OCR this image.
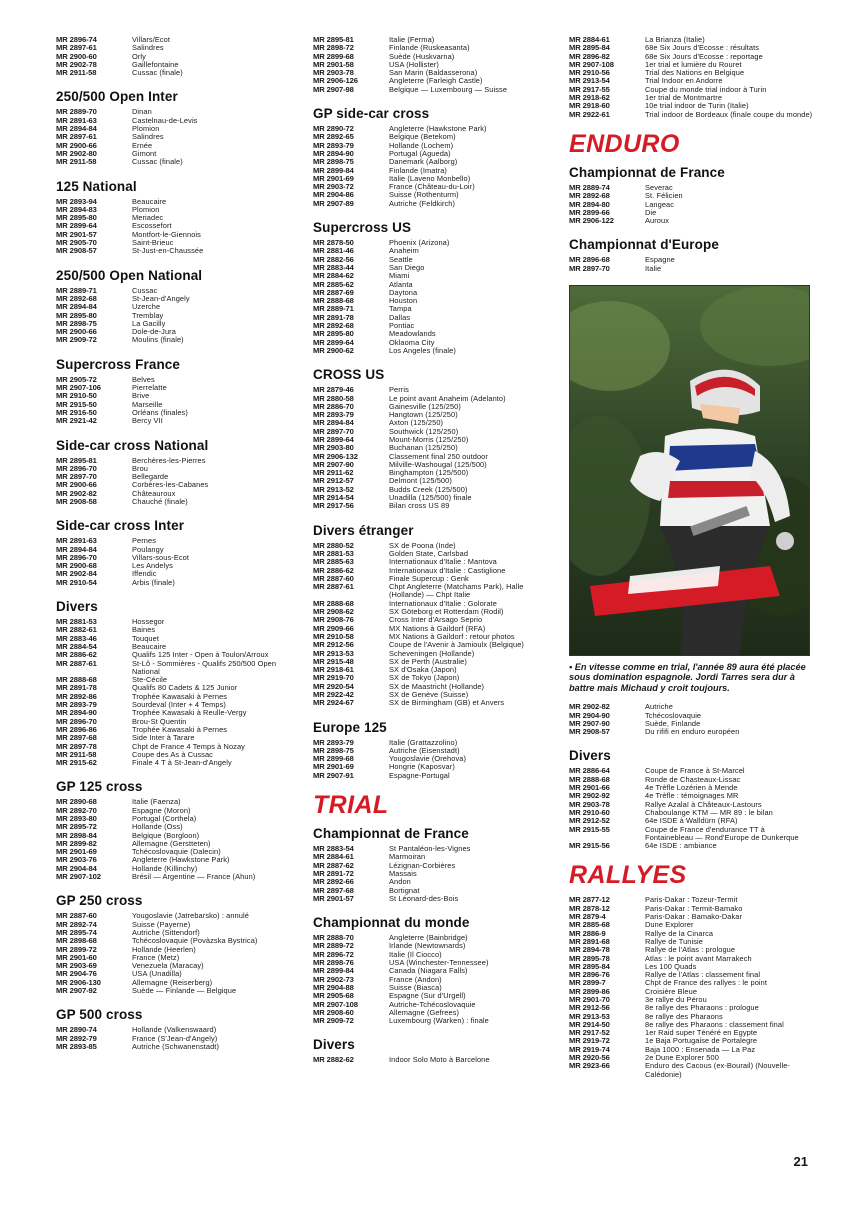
MR 2896-74	Villars/Ecot
MR 2897-61	Salindres
MR 2900-60	Orly
MR 2902-78	Gaillefontaine
MR 2911-58	Cussac (finale)
250/500 Open Inter
MR 2889-70	Dinan
MR 2891-63	Castelnau-de-Levis
MR 2894-84	Plomion
MR 2897-61	Salindres
MR 2900-66	Ernée
MR 2902-80	Gimont
MR 2911-58	Cussac (finale)
125 National
MR 2893-94	Beaucaire
MR 2894-83	Plomion
MR 2895-80	Meriadec
MR 2899-64	Escossefort
MR 2901-57	Montfort-le-Giennois
MR 2905-70	Saint-Brieuc
MR 2908-57	St-Just-en-Chaussée
250/500 Open National
MR 2889-71	Cussac
MR 2892-68	St-Jean-d'Angely
MR 2894-84	Uzerche
MR 2895-80	Tremblay
MR 2898-75	La Gacilly
MR 2900-66	Dole-de-Jura
MR 2909-72	Moulins (finale)
Supercross France
MR 2905-72	Belves
MR 2907-106	Pierrelatte
MR 2910-50	Brive
MR 2915-50	Marseille
MR 2916-50	Orléans (finales)
MR 2921-42	Bercy VII
Side-car cross National
MR 2895-81	Berchères-les-Pierres
MR 2896-70	Brou
MR 2897-70	Bellegarde
MR 2900-66	Corbères-les-Cabanes
MR 2902-82	Châteauroux
MR 2908-58	Chauché (finale)
Side-car cross Inter
MR 2891-63	Pernes
MR 2894-84	Poulangy
MR 2896-70	Villars-sous-Ecot
MR 2900-68	Les Andelys
MR 2902-84	Iffendic
MR 2910-54	Arbis (finale)
Divers
MR 2881-53	Hossegor
MR 2882-61	Baines
MR 2883-46	Touquet
MR 2884-54	Beaucaire
MR 2886-62	Qualifs 125 Inter - Open à Toulon/Arroux
MR 2887-61	St-Lô - Sommières - Qualifs 250/500 Open National
MR 2888-68	Ste-Cécile
MR 2891-78	Qualifs 80 Cadets & 125 Junior
MR 2892-86	Trophée Kawasaki à Pernes
MR 2893-79	Sourdeval (Inter + 4 Temps)
MR 2894-90	Trophée Kawasaki à Reulle-Vergy
MR 2896-70	Brou-St Quentin
MR 2896-86	Trophée Kawasaki à Pernes
MR 2897-68	Side Inter à Tarare
MR 2897-78	Chpt de France 4 Temps à Nozay
MR 2911-58	Coupe des As à Cussac
MR 2915-62	Finale 4 T à St-Jean-d'Angely
GP 125 cross
MR 2890-68	Italie (Faenza)
MR 2892-70	Espagne (Moron)
MR 2893-80	Portugal (Corthela)
MR 2895-72	Hollande (Oss)
MR 2898-84	Belgique (Borgloon)
MR 2899-82	Allemagne (Gerstteten)
MR 2901-69	Tchécoslovaquie (Dalecin)
MR 2903-76	Angleterre (Hawkstone Park)
MR 2904-84	Hollande (Killinchy)
MR 2907-102	Brésil — Argentine — France (Ahun)
GP 250 cross
MR 2887-60	Yougoslavie (Jatrebarsko) : annulé
MR 2892-74	Suisse (Payerne)
MR 2895-74	Autriche (Sittendorf)
MR 2898-68	Tchécoslovaquie (Povàzska Bystrica)
MR 2899-72	Hollande (Heerlen)
MR 2901-60	France (Metz)
MR 2903-69	Venezuela (Maracay)
MR 2904-76	USA (Unadilla)
MR 2906-130	Allemagne (Reiserberg)
MR 2907-92	Suède — Finlande — Belgique
GP 500 cross
MR 2890-74	Hollande (Valkenswaard)
MR 2892-79	France (S'Jean-d'Angely)
MR 2893-85	Autriche (Schwanenstadt)
MR 2895-81	Italie (Ferma)
MR 2898-72	Finlande (Ruskeasanta)
MR 2899-68	Suède (Huskvarna)
MR 2901-58	USA (Hollister)
MR 2903-78	San Marin (Baldasserona)
MR 2906-126	Angleterre (Farleigh Castle)
MR 2907-98	Belgique — Luxembourg — Suisse
GP side-car cross
MR 2890-72	Angleterre (Hawkstone Park)
MR 2892-65	Belgique (Betekom)
MR 2893-79	Hollande (Lochem)
MR 2894-90	Portugal (Agueda)
MR 2898-75	Danemark (Aalborg)
MR 2899-84	Finlande (Imatra)
MR 2901-69	Italie (Laveno Monbello)
MR 2903-72	France (Château-du-Loir)
MR 2904-86	Suisse (Rothenturm)
MR 2907-89	Autriche (Feldkirch)
Supercross US
MR 2878-50	Phoenix (Arizona)
MR 2881-46	Anaheim
MR 2882-56	Seattle
MR 2883-44	San Diego
MR 2884-62	Miami
MR 2885-62	Atlanta
MR 2887-69	Daytona
MR 2888-68	Houston
MR 2889-71	Tampa
MR 2891-78	Dallas
MR 2892-68	Pontiac
MR 2895-80	Meadowlands
MR 2899-64	Oklaoma City
MR 2900-62	Los Angeles (finale)
CROSS US
MR 2879-46	Perris
MR 2880-58	Le point avant Anaheim (Adelanto)
MR 2886-70	Gainesville (125/250)
MR 2893-79	Hangtown (125/250)
MR 2894-84	Axton (125/250)
MR 2897-70	Southwick (125/250)
MR 2899-64	Mount-Morris (125/250)
MR 2903-80	Buchanan (125/250)
MR 2906-132	Classement final 250 outdoor
MR 2907-90	Milville-Washougal (125/500)
MR 2911-62	Binghampton (125/500)
MR 2912-57	Delmont (125/500)
MR 2913-52	Budds Creek (125/500)
MR 2914-54	Unadilla (125/500) finale
MR 2917-56	Bilan cross US 89
Divers étranger
MR 2880-52	SX de Poona (Inde)
MR 2881-53	Golden State, Carlsbad
MR 2885-63	Internationaux d'Italie : Mantova
MR 2886-62	Internationaux d'Italie : Castiglione
MR 2887-60	Finale Supercup : Genk
MR 2887-61	Chpt Angleterre (Matchams Park), Halle (Hollande) — Chpt Italie
MR 2888-68	Internationaux d'Italie : Golorate
MR 2908-62	SX Göteborg et Rotterdam (Rodil)
MR 2908-76	Cross Inter d'Arsago Seprio
MR 2909-66	MX Nations à Gaildorf (RFA)
MR 2910-58	MX Nations à Gaildorf : retour photos
MR 2912-56	Coupe de l'Avenir à Jamioulx (Belgique)
MR 2913-53	Scheveningen (Hollande)
MR 2915-48	SX de Perth (Australie)
MR 2918-61	SX d'Osaka (Japon)
MR 2919-70	SX de Tokyo (Japon)
MR 2920-54	SX de Maastricht (Hollande)
MR 2922-42	SX de Genève (Suisse)
MR 2924-67	SX de Birmingham (GB) et Anvers
Europe 125
MR 2893-79	Italie (Grattazzolino)
MR 2898-75	Autriche (Eisenstadt)
MR 2899-68	Yougoslavie (Orehova)
MR 2901-69	Hongrie (Kaposvar)
MR 2907-91	Espagne-Portugal
TRIAL
Championnat de France
MR 2883-54	St Pantaléon-les-Vignes
MR 2884-61	Marmoiran
MR 2887-62	Lézignan-Corbières
MR 2891-72	Massais
MR 2892-66	Andon
MR 2897-68	Bortignat
MR 2901-57	St Léonard-des-Bois
Championnat du monde
MR 2888-70	Angleterre (Bainbridge)
MR 2889-72	Irlande (Newtownards)
MR 2896-72	Italie (Il Ciocco)
MR 2898-76	USA (Winchester-Tennessee)
MR 2899-84	Canada (Niagara Falls)
MR 2902-73	France (Andon)
MR 2904-88	Suisse (Biasca)
MR 2905-68	Espagne (Sur d'Urgell)
MR 2907-108	Autriche-Tchécoslovaquie
MR 2908-60	Allemagne (Gefrees)
MR 2909-72	Luxembourg (Warken) : finale
Divers
MR 2882-62	Indoor Solo Moto à Barcelone
MR 2884-61	La Brianza (Italie)
MR 2895-84	68e Six Jours d'Ecosse : résultats
MR 2896-82	68e Six Jours d'Ecosse : reportage
MR 2907-108	1er trial et lumière du Rouret
MR 2910-56	Trial des Nations en Belgique
MR 2913-54	Trial Indoor en Andorre
MR 2917-55	Coupe du monde trial indoor à Turin
MR 2918-62	1er trial de Montmartre
MR 2918-60	10e trial indoor de Turin (Italie)
MR 2922-61	Trial indoor de Bordeaux (finale coupe du monde)
ENDURO
Championnat de France
MR 2889-74	Severac
MR 2892-68	St. Félicien
MR 2894-80	Langeac
MR 2899-66	Die
MR 2906-122	Auroux
Championnat d'Europe
MR 2896-68	Espagne
MR 2897-70	Italie
• En vitesse comme en trial, l'année 89 aura été placée sous domination espagnole. Jordi Tarres sera dur à battre mais Michaud y croit toujours.
MR 2902-82	Autriche
MR 2904-90	Tchécoslovaquie
MR 2907-90	Suède, Finlande
MR 2908-57	Du rififi en enduro européen
Divers
MR 2886-64	Coupe de France à St-Marcel
MR 2888-68	Ronde de Chasteaux-Lissac
MR 2901-66	4e Trèfle Lozérien à Mende
MR 2902-92	4e Trèfle : témoignages MR
MR 2903-78	Rallye Azalaï à Châteaux-Lastours
MR 2910-60	Chaboulange KTM — MR 89 : le bilan
MR 2912-52	64e ISDE à Walldürn (RFA)
MR 2915-55	Coupe de France d'endurance TT à Fontainebleau — Rond'Europe de Dunkerque
MR 2915-56	64e ISDE : ambiance
RALLYES
MR 2877-12	Paris-Dakar : Tozeur-Termit
MR 2878-12	Paris-Dakar : Termit-Bamako
MR 2879-4	Paris-Dakar : Bamako-Dakar
MR 2885-68	Dune Explorer
MR 2886-9	Rallye de la Cinarca
MR 2891-68	Rallye de Tunisie
MR 2894-78	Rallye de l'Atlas : prologue
MR 2895-78	Atlas : le point avant Marrakech
MR 2895-84	Les 100 Quads
MR 2896-76	Rallye de l'Atlas : classement final
MR 2899-7	Chpt de France des rallyes : le point
MR 2899-86	Croisière Bleue
MR 2901-70	3e rallye du Pérou
MR 2912-56	8e rallye des Pharaons : prologue
MR 2913-53	8e rallye des Pharaons
MR 2914-50	8e rallye des Pharaons : classement final
MR 2917-52	1er Raid super Ténéré en Egypte
MR 2919-72	1e Baja Portugaise de Portalegre
MR 2919-74	Baja 1000 : Ensenada — La Paz
MR 2920-56	2e Dune Explorer 500
MR 2923-66	Enduro des Cacous (ex-Bourail) (Nouvelle-Calédonie)
21
